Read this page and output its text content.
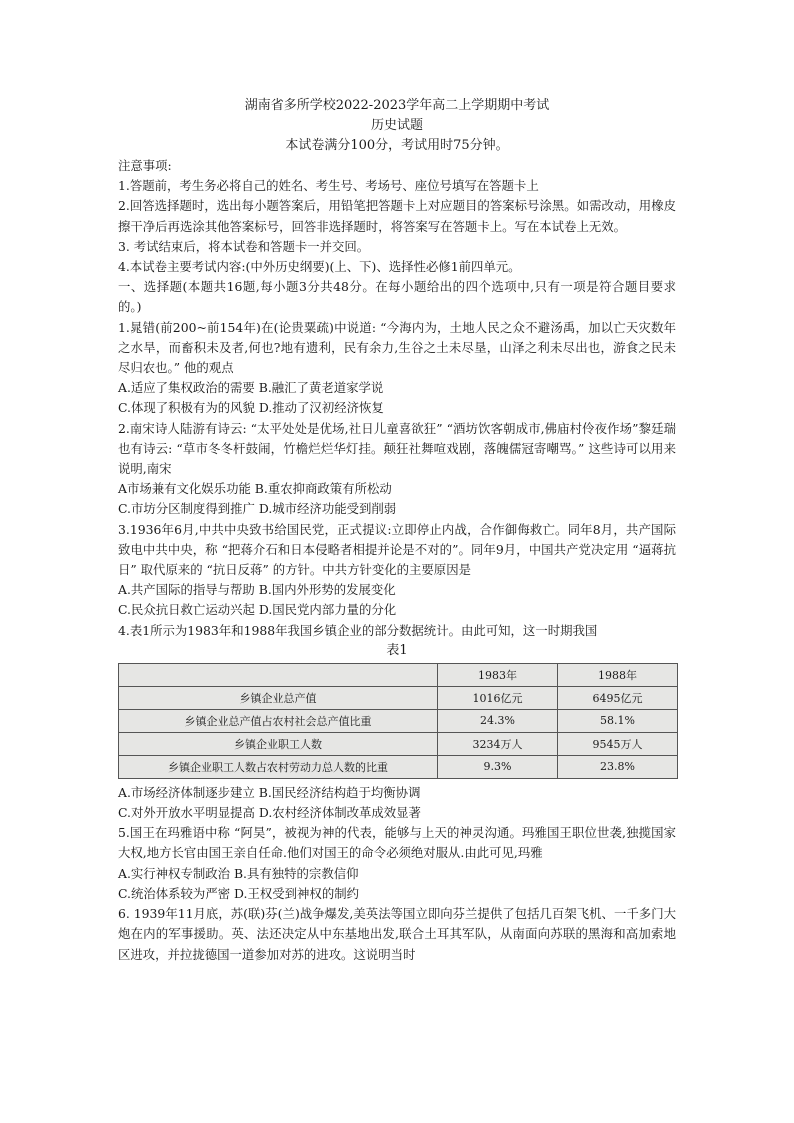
湖南省多所学校2022-2023学年高二上学期期中考试

历史试题

本试卷满分100分，考试用时75分钟。

注意事项:

1.答题前，考生务必将自己的姓名、考生号、考场号、座位号填写在答题卡上

2.回答选择题时，选出每小题答案后，用铅笔把答题卡上对应题目的答案标号涂黑。如需改动，用橡皮擦干净后再选涂其他答案标号，回答非选择题时，将答案写在答题卡上。写在本试卷上无效。

3. 考试结束后，将本试卷和答题卡一并交回。

4.本试卷主要考试内容:(中外历史纲要)(上、下)、选择性必修1前四单元。

一、选择题(本题共16题,每小题3分共48分。在每小题给出的四个选项中,只有一项是符合题目要求的。)

1.晁错(前200~前154年)在(论贵粟疏)中说道: “今海内为，土地人民之众不避汤禹，加以亡天灾数年之水旱，而畜积未及者,何也?地有遗利，民有余力,生谷之土未尽垦，山泽之利未尽出也，游食之民未尽归农也。” 他的观点

A.适应了集权政治的需要 B.融汇了黄老道家学说

C.体现了积极有为的风貌 D.推动了汉初经济恢复

2.南宋诗人陆游有诗云: “太平处处是优场,社日儿童喜欲狂” “酒坊饮客朝成市,佛庙村伶夜作场”黎廷瑞也有诗云: “草市冬冬杆鼓闹，竹檐烂烂华灯挂。颠狂社舞喧戏剧，落魄儒冠寄嘲骂。” 这些诗可以用来说明,南宋

A市场兼有文化娱乐功能 B.重农抑商政策有所松动

C.市坊分区制度得到推广 D.城市经济功能受到削弱

3.1936年6月,中共中央致书给国民党，正式提议:立即停止内战，合作御侮救亡。同年8月，共产国际致电中共中央，称 “把蒋介石和日本侵略者相提并论是不对的”。同年9月，中国共产党决定用 “逼蒋抗日” 取代原来的 “抗日反蒋” 的方针。中共方针变化的主要原因是

A.共产国际的指导与帮助 B.国内外形势的发展变化

C.民众抗日救亡运动兴起 D.国民党内部力量的分化

4.表1所示为1983年和1988年我国乡镇企业的部分数据统计。由此可知，这一时期我国

表1

	1983年	1988年
乡镇企业总产值	1016亿元	6495亿元
乡镇企业总产值占农村社会总产值比重	24.3%	58.1%
乡镇企业职工人数	3234万人	9545万人
乡镇企业职工人数占农村劳动力总人数的比重	9.3%	23.8%

A.市场经济体制逐步建立 B.国民经济结构趋于均衡协调

C.对外开放水平明显提高 D.农村经济体制改革成效显著

5.国王在玛雅语中称 “阿昊”，被视为神的代表，能够与上天的神灵沟通。玛雅国王职位世袭,独揽国家大权,地方长官由国王亲自任命.他们对国王的命令必须绝对服从.由此可见,玛雅

A.实行神权专制政治 B.具有独特的宗教信仰

C.统治体系较为严密 D.王权受到神权的制约

6. 1939年11月底，苏(联)芬(兰)战争爆发,美英法等国立即向芬兰提供了包括几百架飞机、一千多门大炮在内的军事援助。英、法还决定从中东基地出发,联合土耳其军队，从南面向苏联的黑海和高加索地区进攻，并拉拢德国一道参加对苏的进攻。这说明当时
